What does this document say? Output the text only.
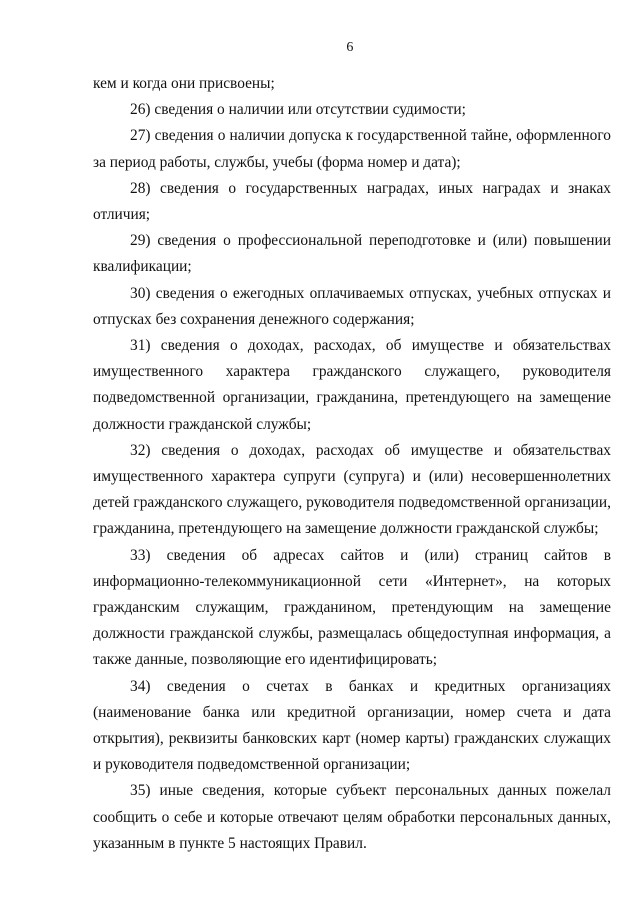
6

кем и когда они присвоены;

26) сведения о наличии или отсутствии судимости;

27) сведения о наличии допуска к государственной тайне, оформленного за период работы, службы, учебы (форма номер и дата);

28) сведения о государственных наградах, иных наградах и знаках отличия;

29) сведения о профессиональной переподготовке и (или) повышении квалификации;

30) сведения о ежегодных оплачиваемых отпусках, учебных отпусках и отпусках без сохранения денежного содержания;

31) сведения о доходах, расходах, об имуществе и обязательствах имущественного характера гражданского служащего, руководителя подведомственной организации, гражданина, претендующего на замещение должности гражданской службы;

32) сведения о доходах, расходах об имуществе и обязательствах имущественного характера супруги (супруга) и (или) несовершеннолетних детей гражданского служащего, руководителя подведомственной организации, гражданина, претендующего на замещение должности гражданской службы;

33) сведения об адресах сайтов и (или) страниц сайтов в информационно-телекоммуникационной сети «Интернет», на которых гражданским служащим, гражданином, претендующим на замещение должности гражданской службы, размещалась общедоступная информация, а также данные, позволяющие его идентифицировать;

34) сведения о счетах в банках и кредитных организациях (наименование банка или кредитной организации, номер счета и дата открытия), реквизиты банковских карт (номер карты) гражданских служащих и руководителя подведомственной организации;

35) иные сведения, которые субъект персональных данных пожелал сообщить о себе и которые отвечают целям обработки персональных данных, указанным в пункте 5 настоящих Правил.
